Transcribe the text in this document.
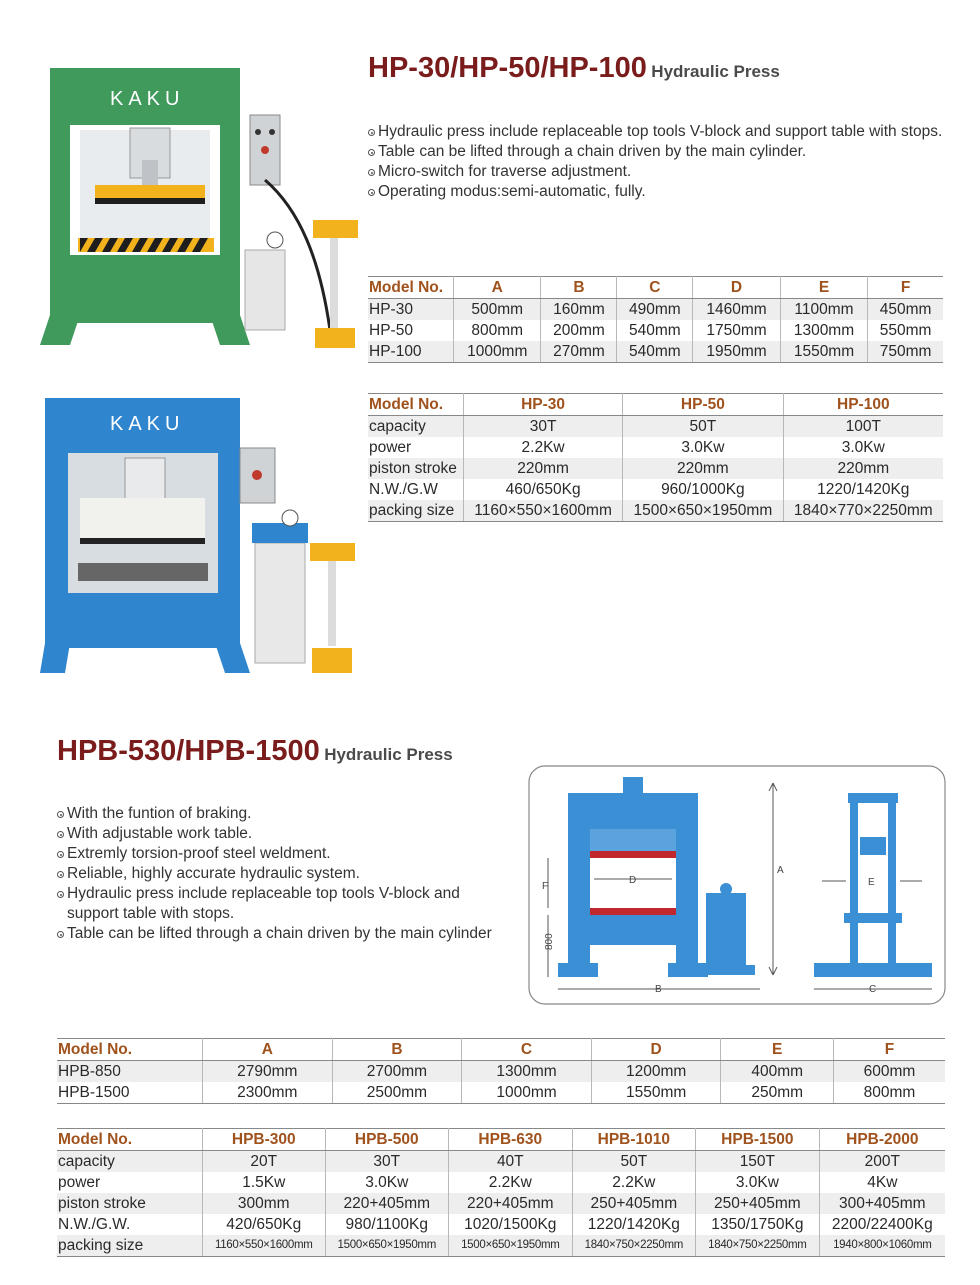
KAKU
KAKU
HP-30/HP-50/HP-100 Hydraulic Press
Hydraulic press include replaceable top tools V-block and support table with stops.
Table can be lifted through a chain driven by the main cylinder.
Micro-switch for traverse adjustment.
Operating modus:semi-automatic, fully.
Model No.	A	B	C	D	E	F
HP-30	500mm	160mm	490mm	1460mm	1100mm	450mm
HP-50	800mm	200mm	540mm	1750mm	1300mm	550mm
HP-100	1000mm	270mm	540mm	1950mm	1550mm	750mm
Model No.	HP-30	HP-50	HP-100
capacity	30T	50T	100T
power	2.2Kw	3.0Kw	3.0Kw
piston stroke	220mm	220mm	220mm
N.W./G.W	460/650Kg	960/1000Kg	1220/1420Kg
packing size	1160×550×1600mm	1500×650×1950mm	1840×770×2250mm
HPB-530/HPB-1500 Hydraulic Press
With the funtion of braking.
With adjustable work table.
Extremly torsion-proof steel weldment.
Reliable, highly accurate hydraulic system.
Hydraulic press include replaceable top tools V-block and support table with stops.
Table can be lifted through a chain driven by the main cylinder
A
B	C
D	E
F
800
Model No.	A	B	C	D	E	F
HPB-850	2790mm	2700mm	1300mm	1200mm	400mm	600mm
HPB-1500	2300mm	2500mm	1000mm	1550mm	250mm	800mm
Model No.	HPB-300	HPB-500	HPB-630	HPB-1010	HPB-1500	HPB-2000
capacity	20T	30T	40T	50T	150T	200T
power	1.5Kw	3.0Kw	2.2Kw	2.2Kw	3.0Kw	4Kw
piston stroke	300mm	220+405mm	220+405mm	250+405mm	250+405mm	300+405mm
N.W./G.W.	420/650Kg	980/1100Kg	1020/1500Kg	1220/1420Kg	1350/1750Kg	2200/22400Kg
packing size	1160×550×1600mm	1500×650×1950mm	1500×650×1950mm	1840×750×2250mm	1840×750×2250mm	1940×800×1060mm
